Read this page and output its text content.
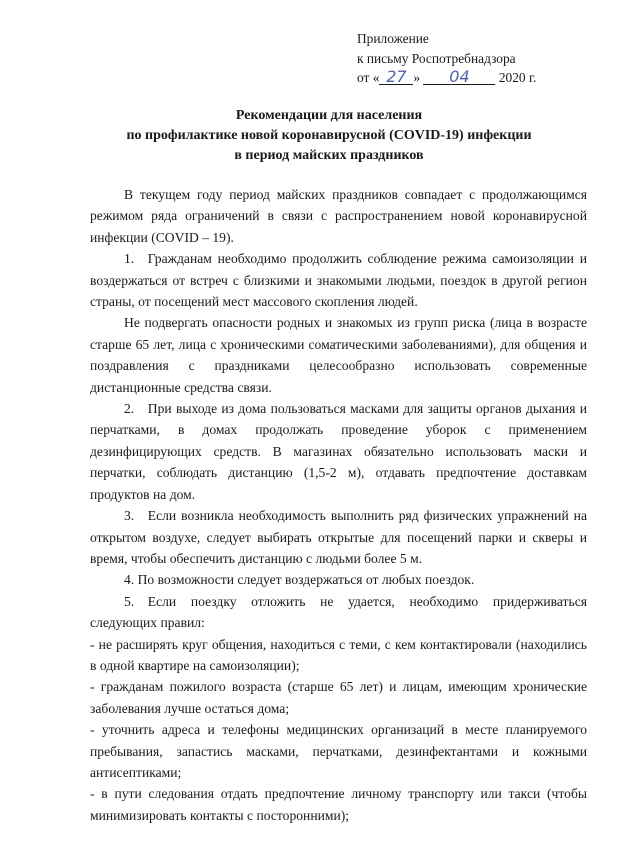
Приложение
к письму Роспотребнадзора
от « 27 » 04 2020 г.
Рекомендации для населения
по профилактике новой коронавирусной (COVID-19) инфекции
в период майских праздников

В текущем году период майских праздников совпадает с продолжающимся режимом ряда ограничений в связи с распространением новой коронавирусной инфекции (COVID – 19).

1. Гражданам необходимо продолжить соблюдение режима самоизоляции и воздержаться от встреч с близкими и знакомыми людьми, поездок в другой регион страны, от посещений мест массового скопления людей.

Не подвергать опасности родных и знакомых из групп риска (лица в возрасте старше 65 лет, лица с хроническими соматическими заболеваниями), для общения и поздравления с праздниками целесообразно использовать современные дистанционные средства связи.

2. При выходе из дома пользоваться масками для защиты органов дыхания и перчатками, в домах продолжать проведение уборок с применением дезинфицирующих средств. В магазинах обязательно использовать маски и перчатки, соблюдать дистанцию (1,5-2 м), отдавать предпочтение доставкам продуктов на дом.

3. Если возникла необходимость выполнить ряд физических упражнений на открытом воздухе, следует выбирать открытые для посещений парки и скверы и время, чтобы обеспечить дистанцию с людьми более 5 м.

4. По возможности следует воздержаться от любых поездок.

5. Если поездку отложить не удается, необходимо придерживаться следующих правил:

- не расширять круг общения, находиться с теми, с кем контактировали (находились в одной квартире на самоизоляции);

- гражданам пожилого возраста (старше 65 лет) и лицам, имеющим хронические заболевания лучше остаться дома;

- уточнить адреса и телефоны медицинских организаций в месте планируемого пребывания, запастись масками, перчатками, дезинфектантами и кожными антисептиками;

- в пути следования отдать предпочтение личному транспорту или такси (чтобы минимизировать контакты с посторонними);
